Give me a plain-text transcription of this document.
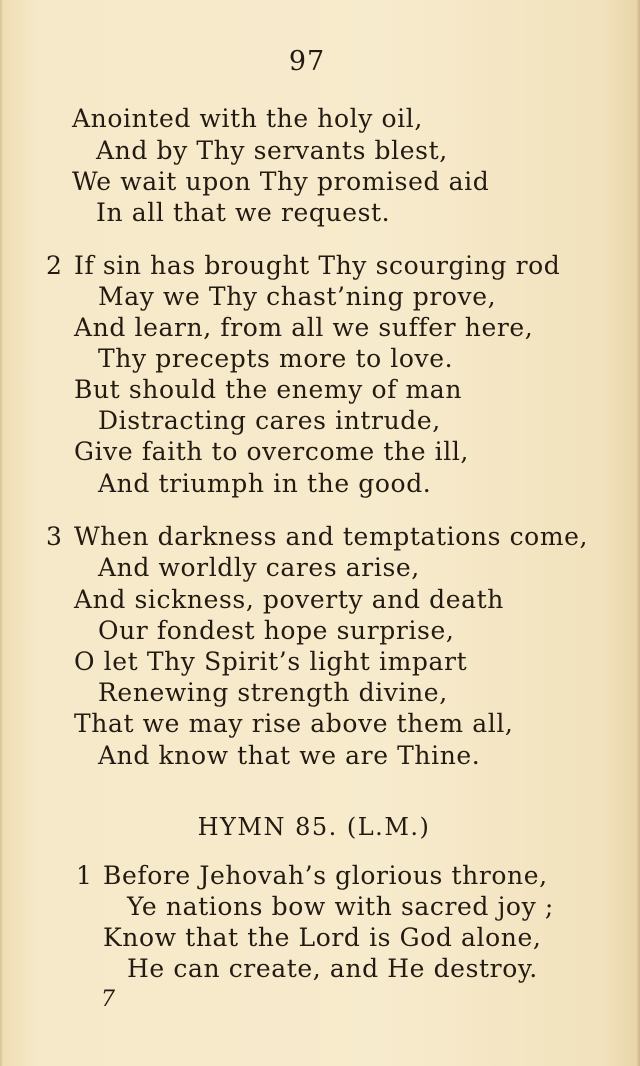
97
Anointed with the holy oil,
And by Thy servants blest,
We wait upon Thy promised aid
In all that we request.
2 If sin has brought Thy scourging rod
May we Thy chast’ning prove,
And learn, from all we suffer here,
Thy precepts more to love.
But should the enemy of man
Distracting cares intrude,
Give faith to overcome the ill,
And triumph in the good.
3 When darkness and temptations come,
And worldly cares arise,
And sickness, poverty and death
Our fondest hope surprise,
O let Thy Spirit’s light impart
Renewing strength divine,
That we may rise above them all,
And know that we are Thine.
HYMN 85. (L.M.)
1 Before Jehovah’s glorious throne,
Ye nations bow with sacred joy ;
Know that the Lord is God alone,
He can create, and He destroy.
7
